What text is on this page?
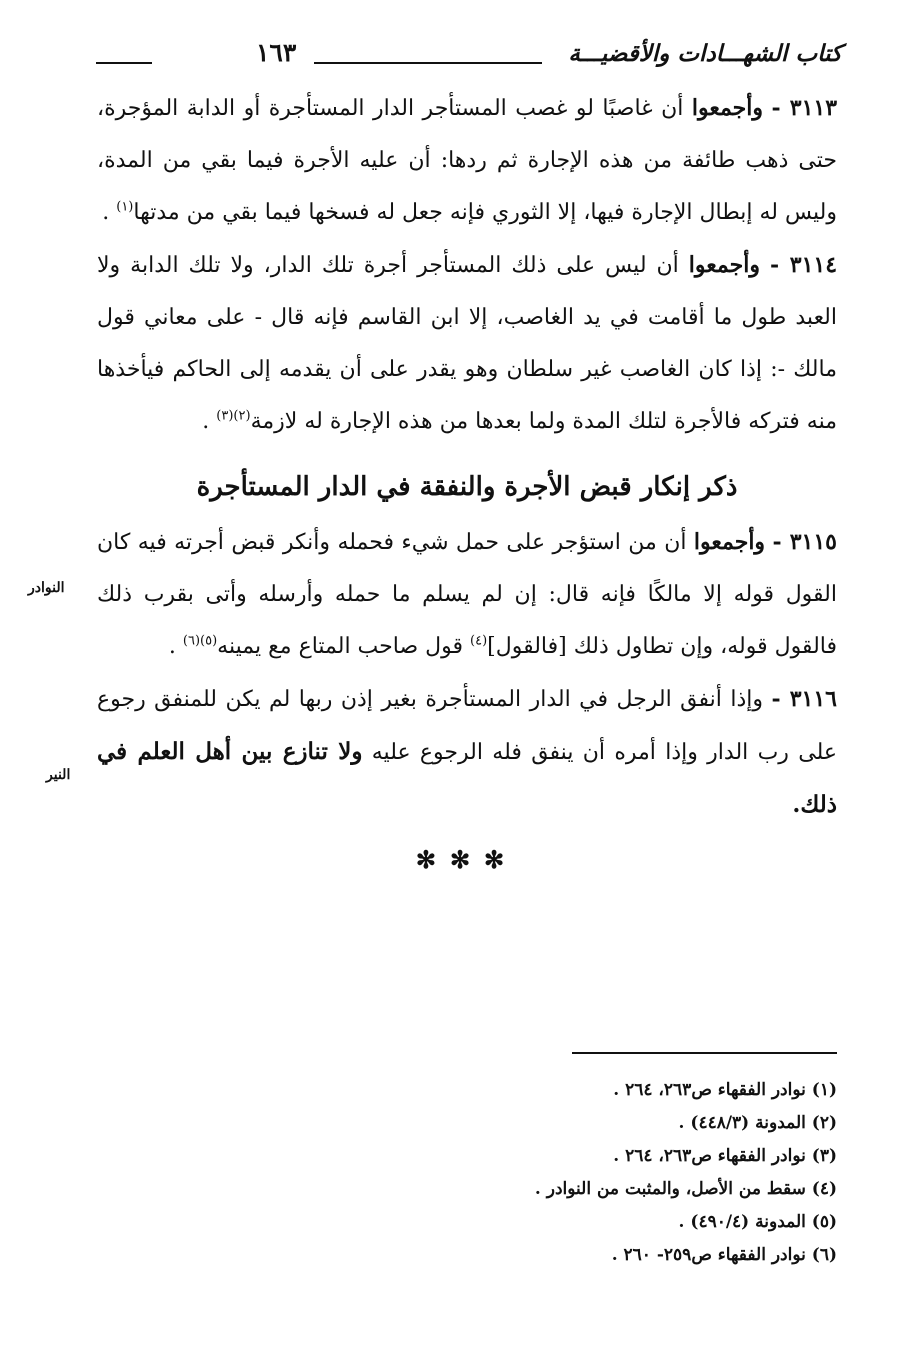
كتاب الشهـــادات والأقضيـــة
١٦٣

٣١١٣ - وأجمعوا أن غاصبًا لو غصب المستأجر الدار المستأجرة أو الدابة المؤجرة، حتى ذهب طائفة من هذه الإجارة ثم ردها: أن عليه الأجرة فيما بقي من المدة، وليس له إبطال الإجارة فيها، إلا الثوري فإنه جعل له فسخها فيما بقي من مدتها$^{(١)}$ .

٣١١٤ - وأجمعوا أن ليس على ذلك المستأجر أجرة تلك الدار، ولا تلك الدابة ولا العبد طول ما أقامت في يد الغاصب، إلا ابن القاسم فإنه قال - على معاني قول مالك -: إذا كان الغاصب غير سلطان وهو يقدر على أن يقدمه إلى الحاكم فيأخذها منه فتركه فالأجرة لتلك المدة ولما بعدها من هذه الإجارة له لازمة$^{(٢)(٣)}$ .

ذكر إنكار قبض الأجرة والنفقة في الدار المستأجرة

٣١١٥ - وأجمعوا أن من استؤجر على حمل شيء فحمله وأنكر قبض أجرته فيه كان القول قوله إلا مالكًا فإنه قال: إن لم يسلم ما حمله وأرسله وأتى بقرب ذلك فالقول قوله، وإن تطاول ذلك [فالقول]$^{(٤)}$ قول صاحب المتاع مع يمينه$^{(٥)(٦)}$ .

٣١١٦ - وإذا أنفق الرجل في الدار المستأجرة بغير إذن ربها لم يكن للمنفق رجوع على رب الدار وإذا أمره أن ينفق فله الرجوع عليه ولا تنازع بين أهل العلم في ذلك.

✻✻✻
النوادر
النير

(١) نوادر الفقهاء ص٢٦٣، ٢٦٤ .

(٢) المدونة (٤٤٨/٣) .

(٣) نوادر الفقهاء ص٢٦٣، ٢٦٤ .

(٤) سقط من الأصل، والمثبت من النوادر .

(٥) المدونة (٤٩٠/٤) .

(٦) نوادر الفقهاء ص٢٥٩- ٢٦٠ .
